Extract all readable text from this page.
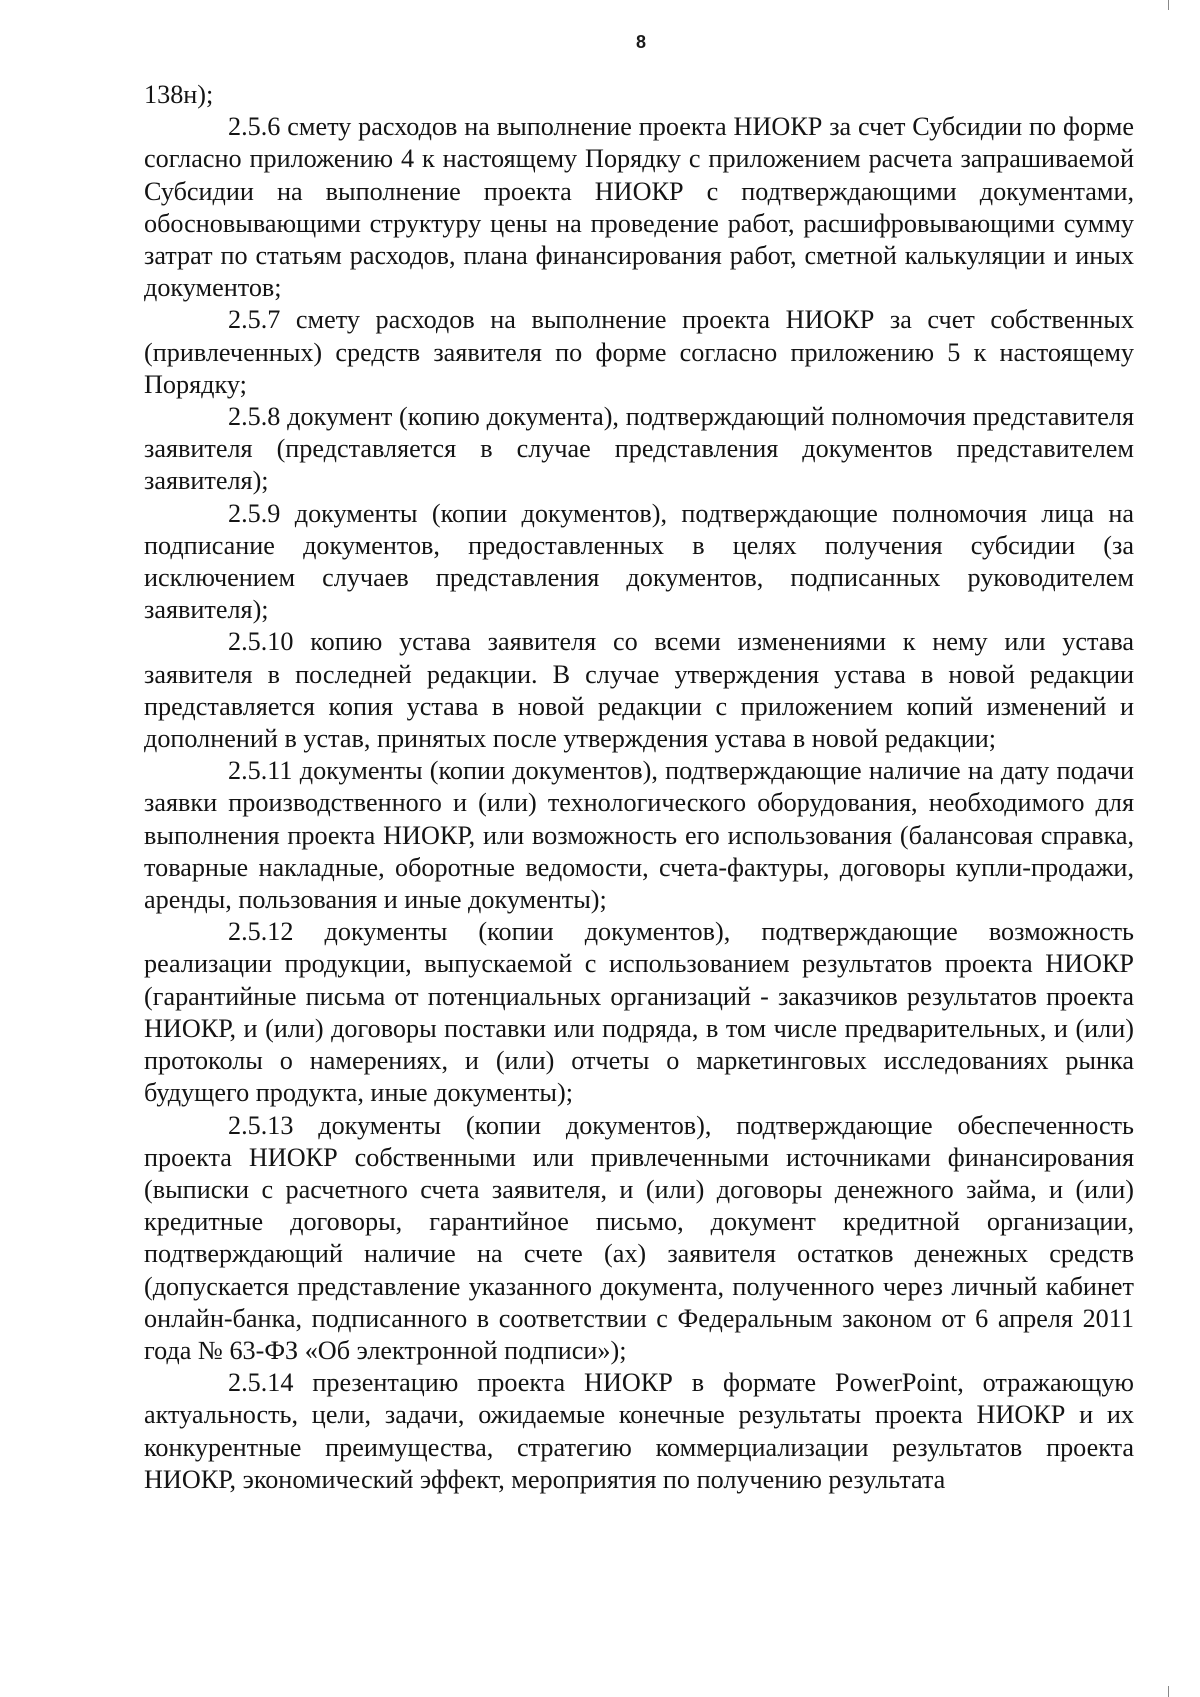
8

138н);

2.5.6 смету расходов на выполнение проекта НИОКР за счет Субсидии по форме согласно приложению 4 к настоящему Порядку с приложением расчета запрашиваемой Субсидии на выполнение проекта НИОКР с подтверждающими документами, обосновывающими структуру цены на проведение работ, расшифровывающими сумму затрат по статьям расходов, плана финансирования работ, сметной калькуляции и иных документов;

2.5.7 смету расходов на выполнение проекта НИОКР за счет собственных (привлеченных) средств заявителя по форме согласно приложению 5 к настоящему Порядку;

2.5.8 документ (копию документа), подтверждающий полномочия представителя заявителя (представляется в случае представления документов представителем заявителя);

2.5.9 документы (копии документов), подтверждающие полномочия лица на подписание документов, предоставленных в целях получения субсидии (за исключением случаев представления документов, подписанных руководителем заявителя);

2.5.10 копию устава заявителя со всеми изменениями к нему или устава заявителя в последней редакции. В случае утверждения устава в новой редакции представляется копия устава в новой редакции с приложением копий изменений и дополнений в устав, принятых после утверждения устава в новой редакции;

2.5.11 документы (копии документов), подтверждающие наличие на дату подачи заявки производственного и (или) технологического оборудования, необходимого для выполнения проекта НИОКР, или возможность его использования (балансовая справка, товарные накладные, оборотные ведомости, счета-фактуры, договоры купли-продажи, аренды, пользования и иные документы);

2.5.12 документы (копии документов), подтверждающие возможность реализации продукции, выпускаемой с использованием результатов проекта НИОКР (гарантийные письма от потенциальных организаций - заказчиков результатов проекта НИОКР, и (или) договоры поставки или подряда, в том числе предварительных, и (или) протоколы о намерениях, и (или) отчеты о маркетинговых исследованиях рынка будущего продукта, иные документы);

2.5.13 документы (копии документов), подтверждающие обеспеченность проекта НИОКР собственными или привлеченными источниками финансирования (выписки с расчетного счета заявителя, и (или) договоры денежного займа, и (или) кредитные договоры, гарантийное письмо, документ кредитной организации, подтверждающий наличие на счете (ах) заявителя остатков денежных средств (допускается представление указанного документа, полученного через личный кабинет онлайн-банка, подписанного в соответствии с Федеральным законом от 6 апреля 2011 года № 63-ФЗ «Об электронной подписи»);

2.5.14 презентацию проекта НИОКР в формате PowerPoint, отражающую актуальность, цели, задачи, ожидаемые конечные результаты проекта НИОКР и их конкурентные преимущества, стратегию коммерциализации результатов проекта НИОКР, экономический эффект, мероприятия по получению результата
